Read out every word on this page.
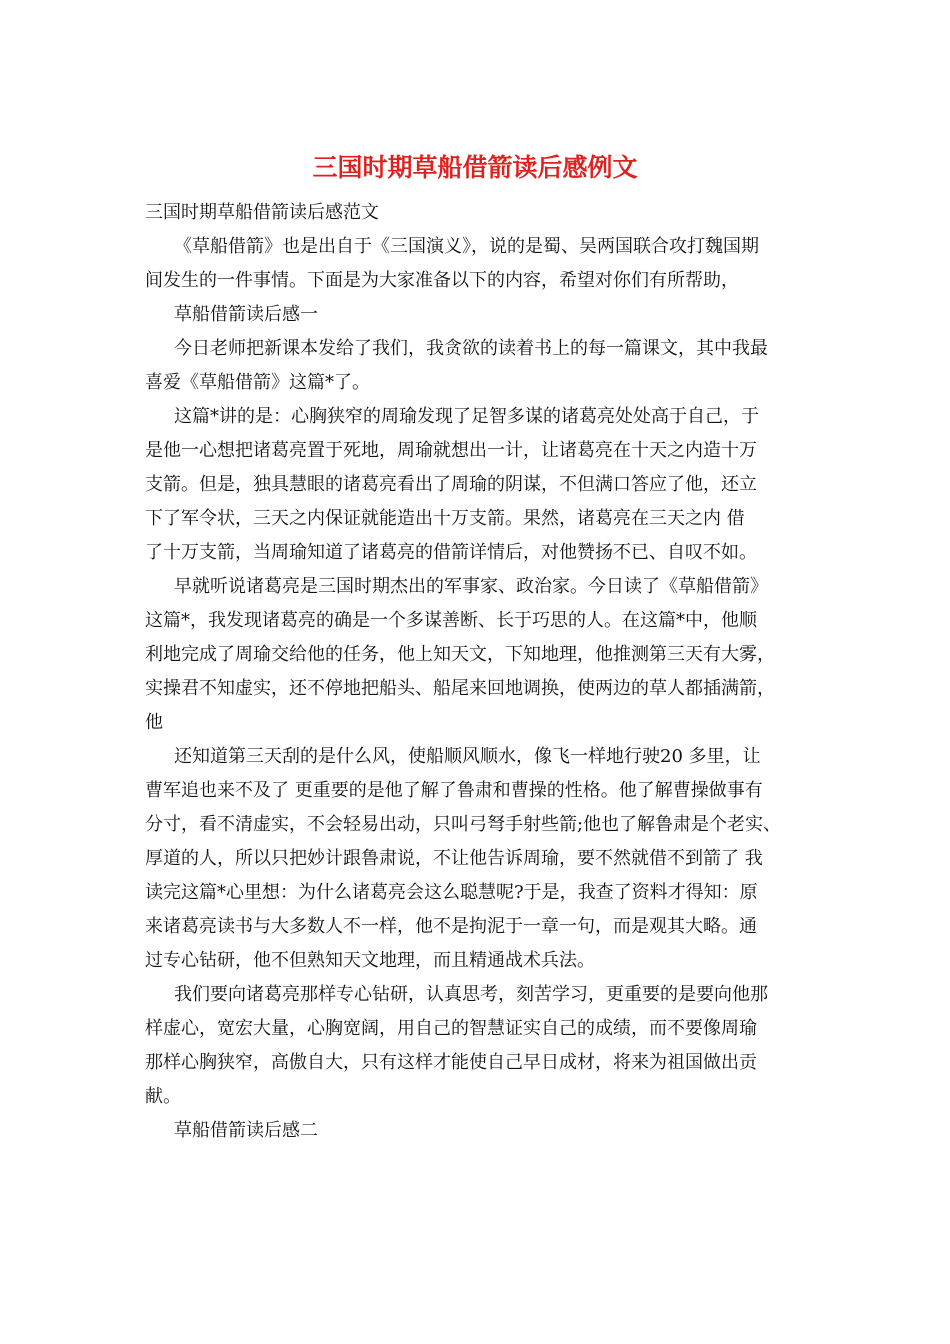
三国时期草船借箭读后感例文
三国时期草船借箭读后感范文
《草船借箭》也是出自于《三国演义》，说的是蜀、吴两国联合攻打魏国期
间发生的一件事情。下面是为大家准备以下的内容，希望对你们有所帮助，
草船借箭读后感一
今日老师把新课本发给了我们，我贪欲的读着书上的每一篇课文，其中我最
喜爱《草船借箭》这篇*了。
这篇*讲的是：心胸狭窄的周瑜发现了足智多谋的诸葛亮处处高于自己，于
是他一心想把诸葛亮置于死地，周瑜就想出一计，让诸葛亮在十天之内造十万
支箭。但是，独具慧眼的诸葛亮看出了周瑜的阴谋，不但满口答应了他，还立
下了军令状，三天之内保证就能造出十万支箭。果然，诸葛亮在三天之内 借
了十万支箭，当周瑜知道了诸葛亮的借箭详情后，对他赞扬不已、自叹不如。
早就听说诸葛亮是三国时期杰出的军事家、政治家。今日读了《草船借箭》
这篇*，我发现诸葛亮的确是一个多谋善断、长于巧思的人。在这篇*中，他顺
利地完成了周瑜交给他的任务，他上知天文，下知地理，他推测第三天有大雾，
实操君不知虚实，还不停地把船头、船尾来回地调换，使两边的草人都插满箭，
他
还知道第三天刮的是什么风，使船顺风顺水，像飞一样地行驶20 多里，让
曹军追也来不及了 更重要的是他了解了鲁肃和曹操的性格。他了解曹操做事有
分寸，看不清虚实，不会轻易出动，只叫弓弩手射些箭;他也了解鲁肃是个老实、
厚道的人，所以只把妙计跟鲁肃说，不让他告诉周瑜，要不然就借不到箭了 我
读完这篇*心里想：为什么诸葛亮会这么聪慧呢?于是，我查了资料才得知：原
来诸葛亮读书与大多数人不一样，他不是拘泥于一章一句，而是观其大略。通
过专心钻研，他不但熟知天文地理，而且精通战术兵法。
我们要向诸葛亮那样专心钻研，认真思考，刻苦学习，更重要的是要向他那
样虚心，宽宏大量，心胸宽阔，用自己的智慧证实自己的成绩，而不要像周瑜
那样心胸狭窄，高傲自大，只有这样才能使自己早日成材，将来为祖国做出贡
献。
草船借箭读后感二
